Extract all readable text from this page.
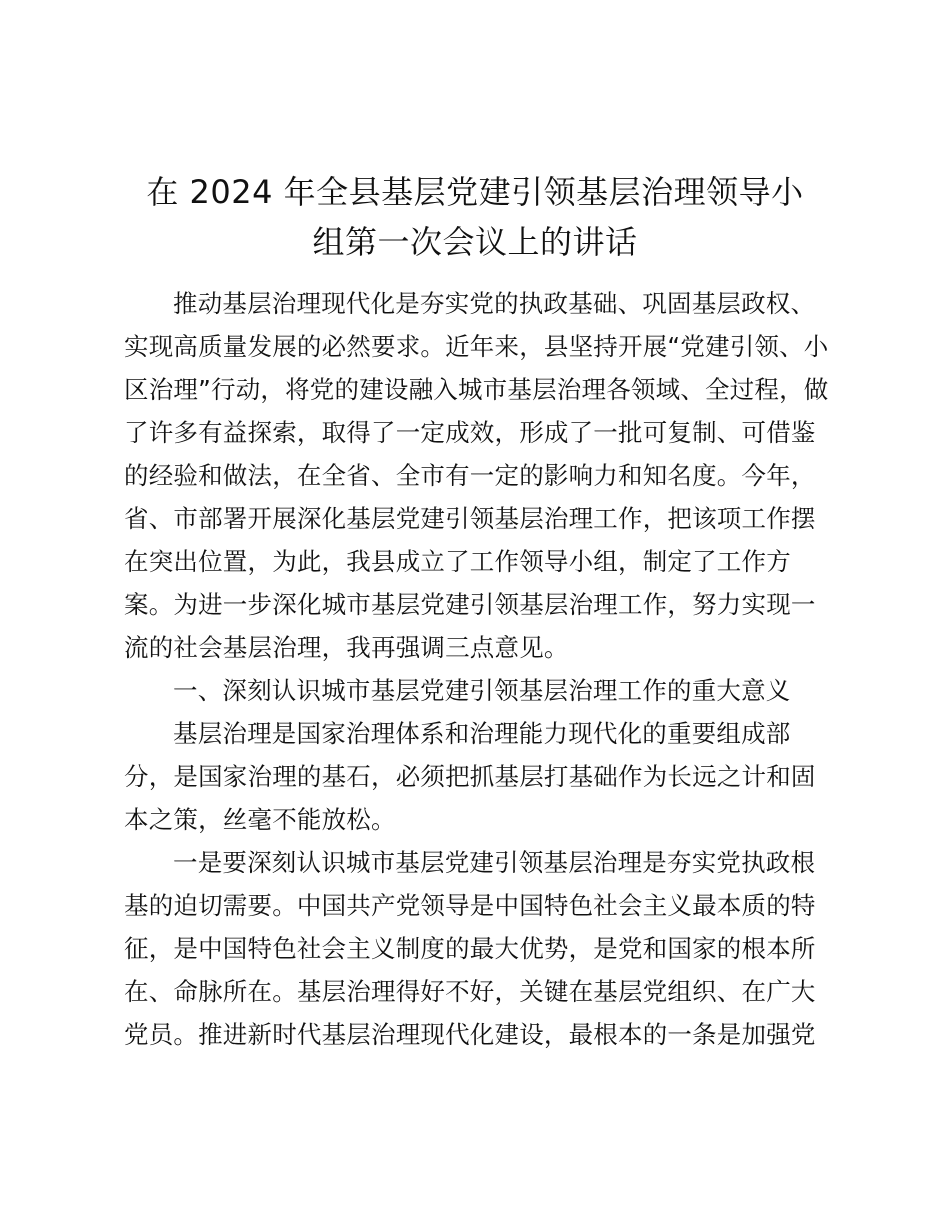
在 2024 年全县基层党建引领基层治理领导小
组第一次会议上的讲话
推动基层治理现代化是夯实党的执政基础、巩固基层政权、
实现高质量发展的必然要求。近年来，县坚持开展“党建引领、小
区治理”行动，将党的建设融入城市基层治理各领域、全过程，做
了许多有益探索，取得了一定成效，形成了一批可复制、可借鉴
的经验和做法，在全省、全市有一定的影响力和知名度。今年，
省、市部署开展深化基层党建引领基层治理工作，把该项工作摆
在突出位置，为此，我县成立了工作领导小组，制定了工作方
案。为进一步深化城市基层党建引领基层治理工作，努力实现一
流的社会基层治理，我再强调三点意见。
一、深刻认识城市基层党建引领基层治理工作的重大意义
基层治理是国家治理体系和治理能力现代化的重要组成部
分，是国家治理的基石，必须把抓基层打基础作为长远之计和固
本之策，丝毫不能放松。
一是要深刻认识城市基层党建引领基层治理是夯实党执政根
基的迫切需要。中国共产党领导是中国特色社会主义最本质的特
征，是中国特色社会主义制度的最大优势，是党和国家的根本所
在、命脉所在。基层治理得好不好，关键在基层党组织、在广大
党员。推进新时代基层治理现代化建设，最根本的一条是加强党
